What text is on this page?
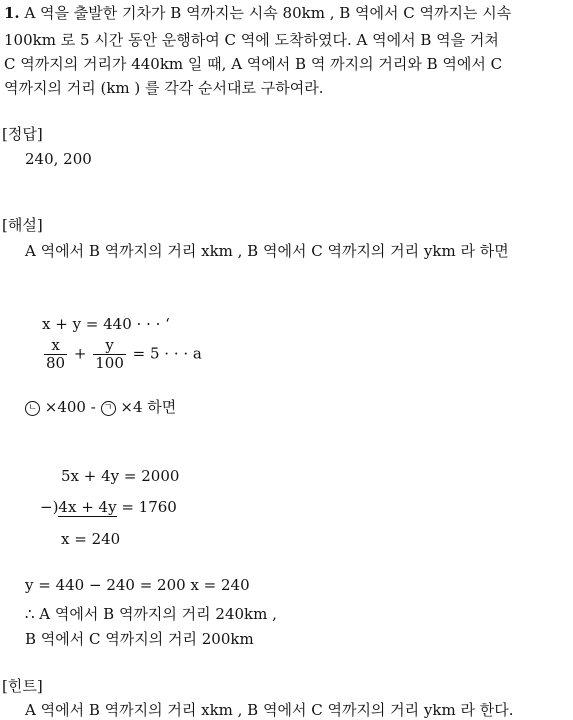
1. A 역을 출발한 기차가 B 역까지는 시속 80km , B 역에서 C 역까지는 시속
100km 로 5 시간 동안 운행하여 C 역에 도착하였다. A 역에서 B 역을 거쳐
C 역까지의 거리가 440km 일 때, A 역에서 B 역 까지의 거리와 B 역에서 C
역까지의 거리 (km ) 를 각각 순서대로 구하여라.
[정답]
240, 200
[해설]
A 역에서 B 역까지의 거리 xkm , B 역에서 C 역까지의 거리 ykm 라 하면
x + y = 440 · · · ‘
$\frac{x}{80} + \frac{y}{100} = 5$ · · · a
ㄴ ×400 - ㄱ ×4 하면
5x + 4y = 2000
−)4x + 4y = 1760
x = 240
y = 440 − 240 = 200 x = 240
∴ A 역에서 B 역까지의 거리 240km ,
B 역에서 C 역까지의 거리 200km
[힌트]
A 역에서 B 역까지의 거리 xkm , B 역에서 C 역까지의 거리 ykm 라 한다.
